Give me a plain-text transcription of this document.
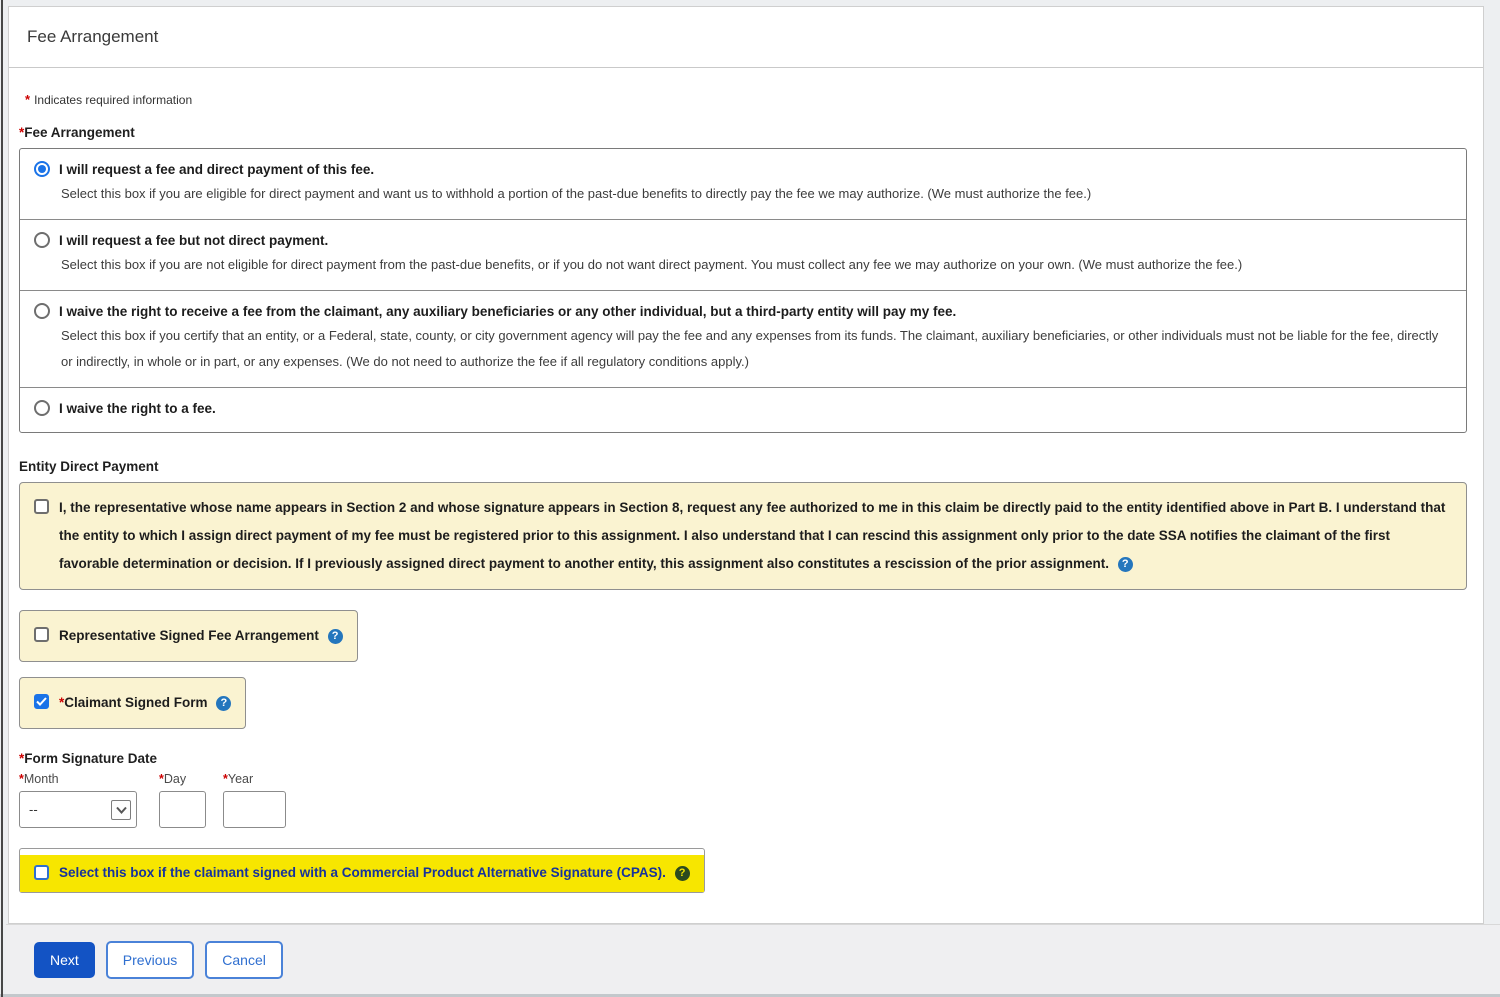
Fee Arrangement
* Indicates required information
*Fee Arrangement
I will request a fee and direct payment of this fee.
Select this box if you are eligible for direct payment and want us to withhold a portion of the past-due benefits to directly pay the fee we may authorize. (We must authorize the fee.)
I will request a fee but not direct payment.
Select this box if you are not eligible for direct payment from the past-due benefits, or if you do not want direct payment. You must collect any fee we may authorize on your own. (We must authorize the fee.)
I waive the right to receive a fee from the claimant, any auxiliary beneficiaries or any other individual, but a third-party entity will pay my fee.
Select this box if you certify that an entity, or a Federal, state, county, or city government agency will pay the fee and any expenses from its funds. The claimant, auxiliary beneficiaries, or other individuals must not be liable for the fee, directly or indirectly, in whole or in part, or any expenses. (We do not need to authorize the fee if all regulatory conditions apply.)
I waive the right to a fee.
Entity Direct Payment
I, the representative whose name appears in Section 2 and whose signature appears in Section 8, request any fee authorized to me in this claim be directly paid to the entity identified above in Part B. I understand that the entity to which I assign direct payment of my fee must be registered prior to this assignment. I also understand that I can rescind this assignment only prior to the date SSA notifies the claimant of the first favorable determination or decision. If I previously assigned direct payment to another entity, this assignment also constitutes a rescission of the prior assignment. ?
Representative Signed Fee Arrangement ?

*Claimant Signed Form ?
*Form Signature Date
*Month	*Day	*Year
--
Select this box if the claimant signed with a Commercial Product Alternative Signature (CPAS). ?
Next	Previous	Cancel
